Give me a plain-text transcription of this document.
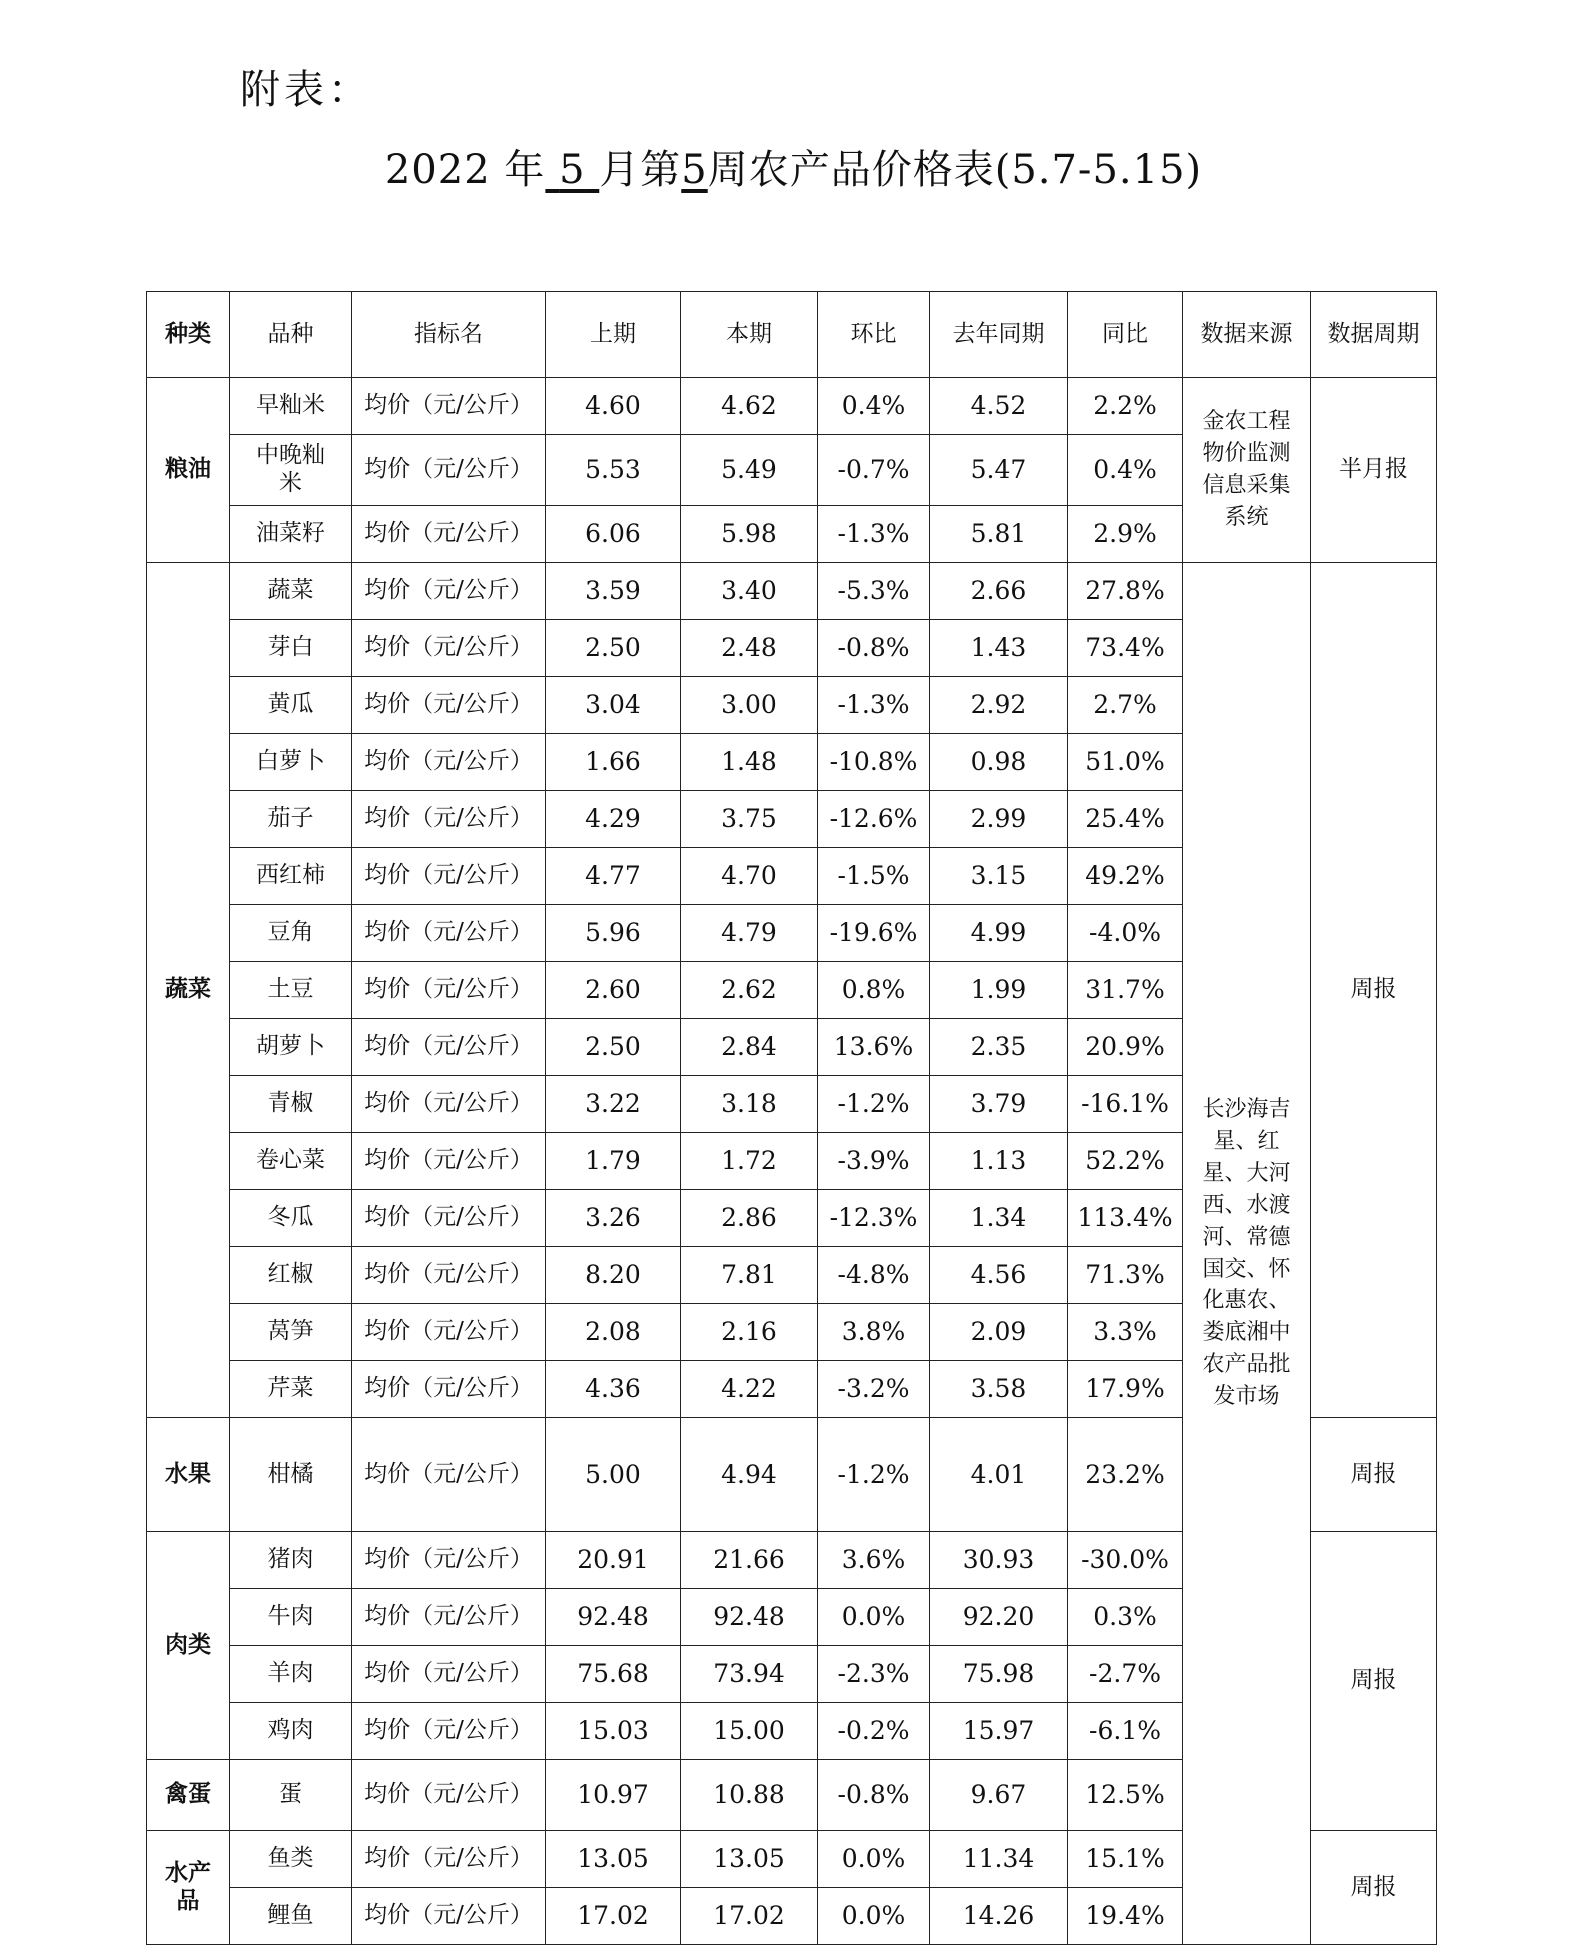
附表：
2022 年 5 月第5周农产品价格表(5.7-5.15)
种类	品种	指标名	上期	本期	环比	去年同期	同比	数据来源	数据周期
粮油	早籼米	均价（元/公斤）	4.60	4.62	0.4%	4.52	2.2%	金农工程物价监测信息采集系统	半月报
	中晚籼米	均价（元/公斤）	5.53	5.49	-0.7%	5.47	0.4%		
	油菜籽	均价（元/公斤）	6.06	5.98	-1.3%	5.81	2.9%		
蔬菜	蔬菜	均价（元/公斤）	3.59	3.40	-5.3%	2.66	27.8%	长沙海吉星、红星、大河西、水渡河、常德国交、怀化惠农、娄底湘中农产品批发市场	周报
	芽白	均价（元/公斤）	2.50	2.48	-0.8%	1.43	73.4%		
	黄瓜	均价（元/公斤）	3.04	3.00	-1.3%	2.92	2.7%		
	白萝卜	均价（元/公斤）	1.66	1.48	-10.8%	0.98	51.0%		
	茄子	均价（元/公斤）	4.29	3.75	-12.6%	2.99	25.4%		
	西红柿	均价（元/公斤）	4.77	4.70	-1.5%	3.15	49.2%		
	豆角	均价（元/公斤）	5.96	4.79	-19.6%	4.99	-4.0%		
	土豆	均价（元/公斤）	2.60	2.62	0.8%	1.99	31.7%		
	胡萝卜	均价（元/公斤）	2.50	2.84	13.6%	2.35	20.9%		
	青椒	均价（元/公斤）	3.22	3.18	-1.2%	3.79	-16.1%		
	卷心菜	均价（元/公斤）	1.79	1.72	-3.9%	1.13	52.2%		
	冬瓜	均价（元/公斤）	3.26	2.86	-12.3%	1.34	113.4%		
	红椒	均价（元/公斤）	8.20	7.81	-4.8%	4.56	71.3%		
	莴笋	均价（元/公斤）	2.08	2.16	3.8%	2.09	3.3%		
	芹菜	均价（元/公斤）	4.36	4.22	-3.2%	3.58	17.9%		
水果	柑橘	均价（元/公斤）	5.00	4.94	-1.2%	4.01	23.2%		周报
肉类	猪肉	均价（元/公斤）	20.91	21.66	3.6%	30.93	-30.0%		周报
	牛肉	均价（元/公斤）	92.48	92.48	0.0%	92.20	0.3%		
	羊肉	均价（元/公斤）	75.68	73.94	-2.3%	75.98	-2.7%		
	鸡肉	均价（元/公斤）	15.03	15.00	-0.2%	15.97	-6.1%		
禽蛋	蛋	均价（元/公斤）	10.97	10.88	-0.8%	9.67	12.5%		
水产品	鱼类	均价（元/公斤）	13.05	13.05	0.0%	11.34	15.1%		周报
	鲤鱼	均价（元/公斤）	17.02	17.02	0.0%	14.26	19.4%		
